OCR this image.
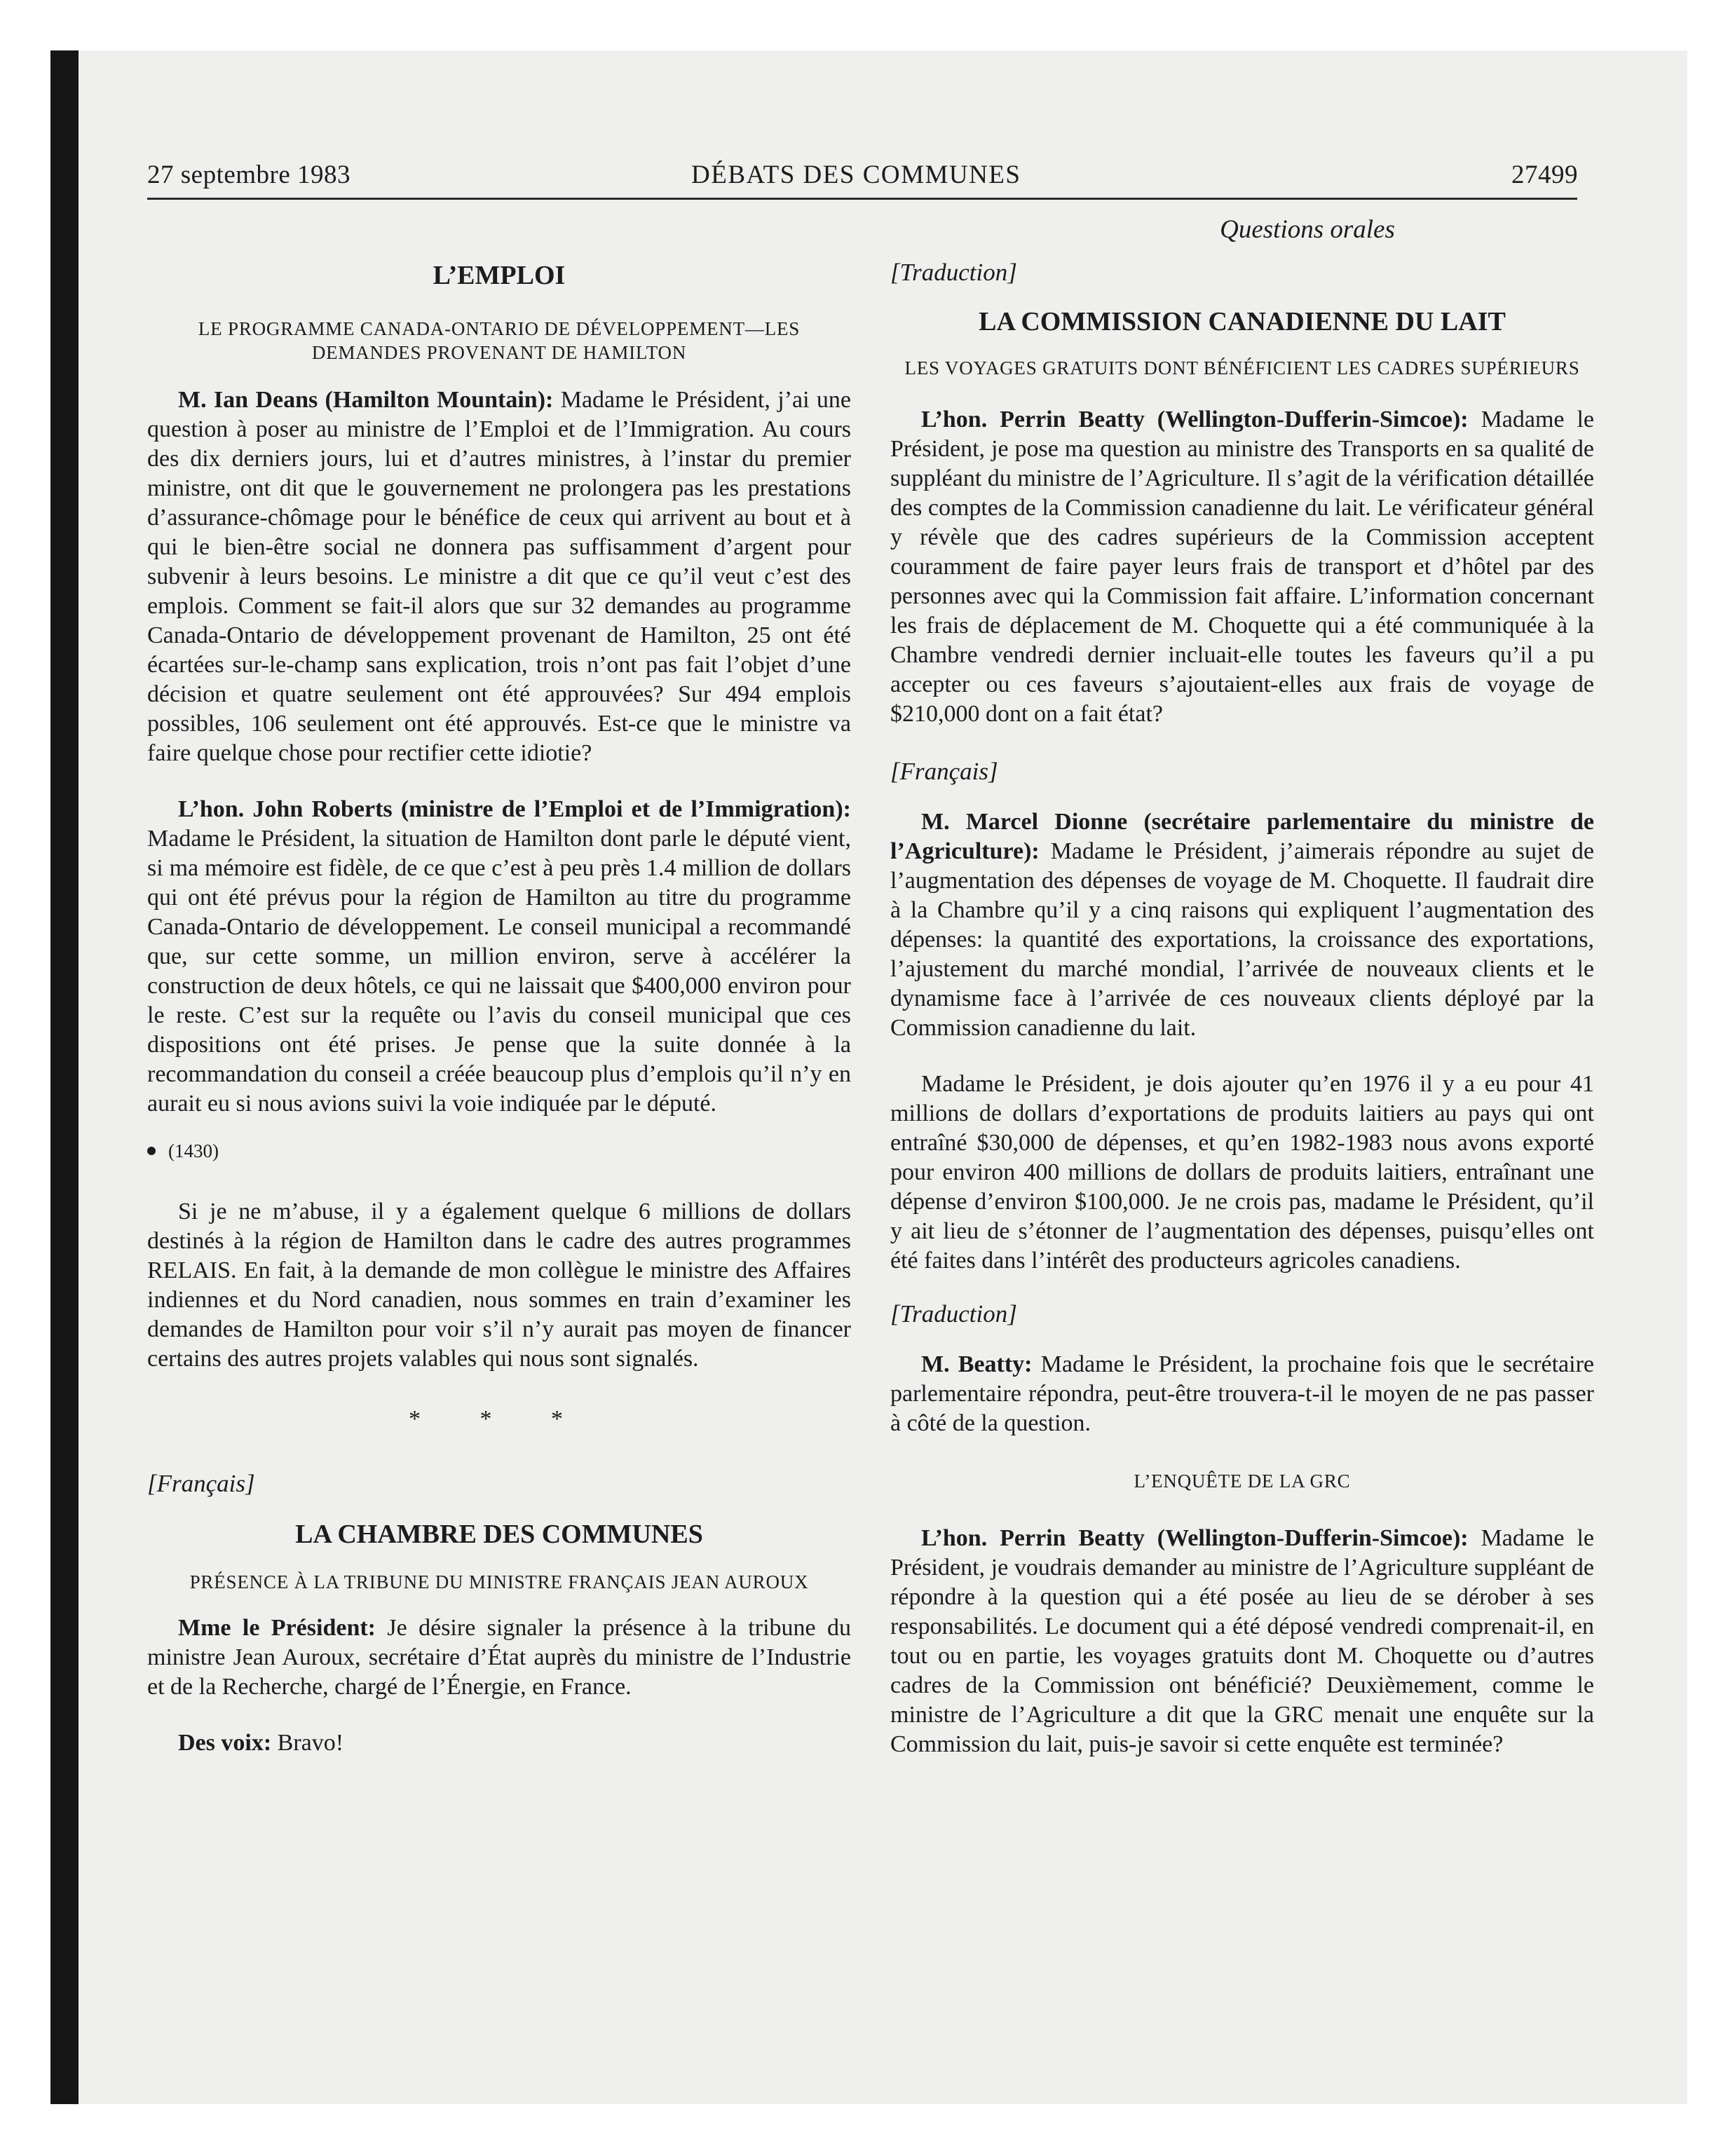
27 septembre 1983	DÉBATS DES COMMUNES	27499
Questions orales
L’EMPLOI
LE PROGRAMME CANADA-ONTARIO DE DÉVELOPPEMENT—LES DEMANDES PROVENANT DE HAMILTON

M. Ian Deans (Hamilton Mountain): Madame le Président, j’ai une question à poser au ministre de l’Emploi et de l’Immigration. Au cours des dix derniers jours, lui et d’autres ministres, à l’instar du premier ministre, ont dit que le gouvernement ne prolongera pas les prestations d’assurance-chômage pour le bénéfice de ceux qui arrivent au bout et à qui le bien-être social ne donnera pas suffisamment d’argent pour subvenir à leurs besoins. Le ministre a dit que ce qu’il veut c’est des emplois. Comment se fait-il alors que sur 32 demandes au programme Canada-Ontario de développement provenant de Hamilton, 25 ont été écartées sur-le-champ sans explication, trois n’ont pas fait l’objet d’une décision et quatre seulement ont été approuvées? Sur 494 emplois possibles, 106 seulement ont été approuvés. Est-ce que le ministre va faire quelque chose pour rectifier cette idiotie?

L’hon. John Roberts (ministre de l’Emploi et de l’Immigration): Madame le Président, la situation de Hamilton dont parle le député vient, si ma mémoire est fidèle, de ce que c’est à peu près 1.4 million de dollars qui ont été prévus pour la région de Hamilton au titre du programme Canada-Ontario de développement. Le conseil municipal a recommandé que, sur cette somme, un million environ, serve à accélérer la construction de deux hôtels, ce qui ne laissait que $400,000 environ pour le reste. C’est sur la requête ou l’avis du conseil municipal que ces dispositions ont été prises. Je pense que la suite donnée à la recommandation du conseil a créée beaucoup plus d’emplois qu’il n’y en aurait eu si nous avions suivi la voie indiquée par le député.

(1430)

Si je ne m’abuse, il y a également quelque 6 millions de dollars destinés à la région de Hamilton dans le cadre des autres programmes RELAIS. En fait, à la demande de mon collègue le ministre des Affaires indiennes et du Nord canadien, nous sommes en train d’examiner les demandes de Hamilton pour voir s’il n’y aurait pas moyen de financer certains des autres projets valables qui nous sont signalés.

* * *
[Français]
LA CHAMBRE DES COMMUNES
PRÉSENCE À LA TRIBUNE DU MINISTRE FRANÇAIS JEAN AUROUX

Mme le Président: Je désire signaler la présence à la tribune du ministre Jean Auroux, secrétaire d’État auprès du ministre de l’Industrie et de la Recherche, chargé de l’Énergie, en France.

Des voix: Bravo!

[Traduction]
LA COMMISSION CANADIENNE DU LAIT
LES VOYAGES GRATUITS DONT BÉNÉFICIENT LES CADRES SUPÉRIEURS

L’hon. Perrin Beatty (Wellington-Dufferin-Simcoe): Madame le Président, je pose ma question au ministre des Transports en sa qualité de suppléant du ministre de l’Agriculture. Il s’agit de la vérification détaillée des comptes de la Commission canadienne du lait. Le vérificateur général y révèle que des cadres supérieurs de la Commission acceptent couramment de faire payer leurs frais de transport et d’hôtel par des personnes avec qui la Commission fait affaire. L’information concernant les frais de déplacement de M. Choquette qui a été communiquée à la Chambre vendredi dernier incluait-elle toutes les faveurs qu’il a pu accepter ou ces faveurs s’ajoutaient-elles aux frais de voyage de $210,000 dont on a fait état?

[Français]

M. Marcel Dionne (secrétaire parlementaire du ministre de l’Agriculture): Madame le Président, j’aimerais répondre au sujet de l’augmentation des dépenses de voyage de M. Choquette. Il faudrait dire à la Chambre qu’il y a cinq raisons qui expliquent l’augmentation des dépenses: la quantité des exportations, la croissance des exportations, l’ajustement du marché mondial, l’arrivée de nouveaux clients et le dynamisme face à l’arrivée de ces nouveaux clients déployé par la Commission canadienne du lait.

Madame le Président, je dois ajouter qu’en 1976 il y a eu pour 41 millions de dollars d’exportations de produits laitiers au pays qui ont entraîné $30,000 de dépenses, et qu’en 1982-1983 nous avons exporté pour environ 400 millions de dollars de produits laitiers, entraînant une dépense d’environ $100,000. Je ne crois pas, madame le Président, qu’il y ait lieu de s’étonner de l’augmentation des dépenses, puisqu’elles ont été faites dans l’intérêt des producteurs agricoles canadiens.

[Traduction]

M. Beatty: Madame le Président, la prochaine fois que le secrétaire parlementaire répondra, peut-être trouvera-t-il le moyen de ne pas passer à côté de la question.

L’ENQUÊTE DE LA GRC

L’hon. Perrin Beatty (Wellington-Dufferin-Simcoe): Madame le Président, je voudrais demander au ministre de l’Agriculture suppléant de répondre à la question qui a été posée au lieu de se dérober à ses responsabilités. Le document qui a été déposé vendredi comprenait-il, en tout ou en partie, les voyages gratuits dont M. Choquette ou d’autres cadres de la Commission ont bénéficié? Deuxièmement, comme le ministre de l’Agriculture a dit que la GRC menait une enquête sur la Commission du lait, puis-je savoir si cette enquête est terminée?
